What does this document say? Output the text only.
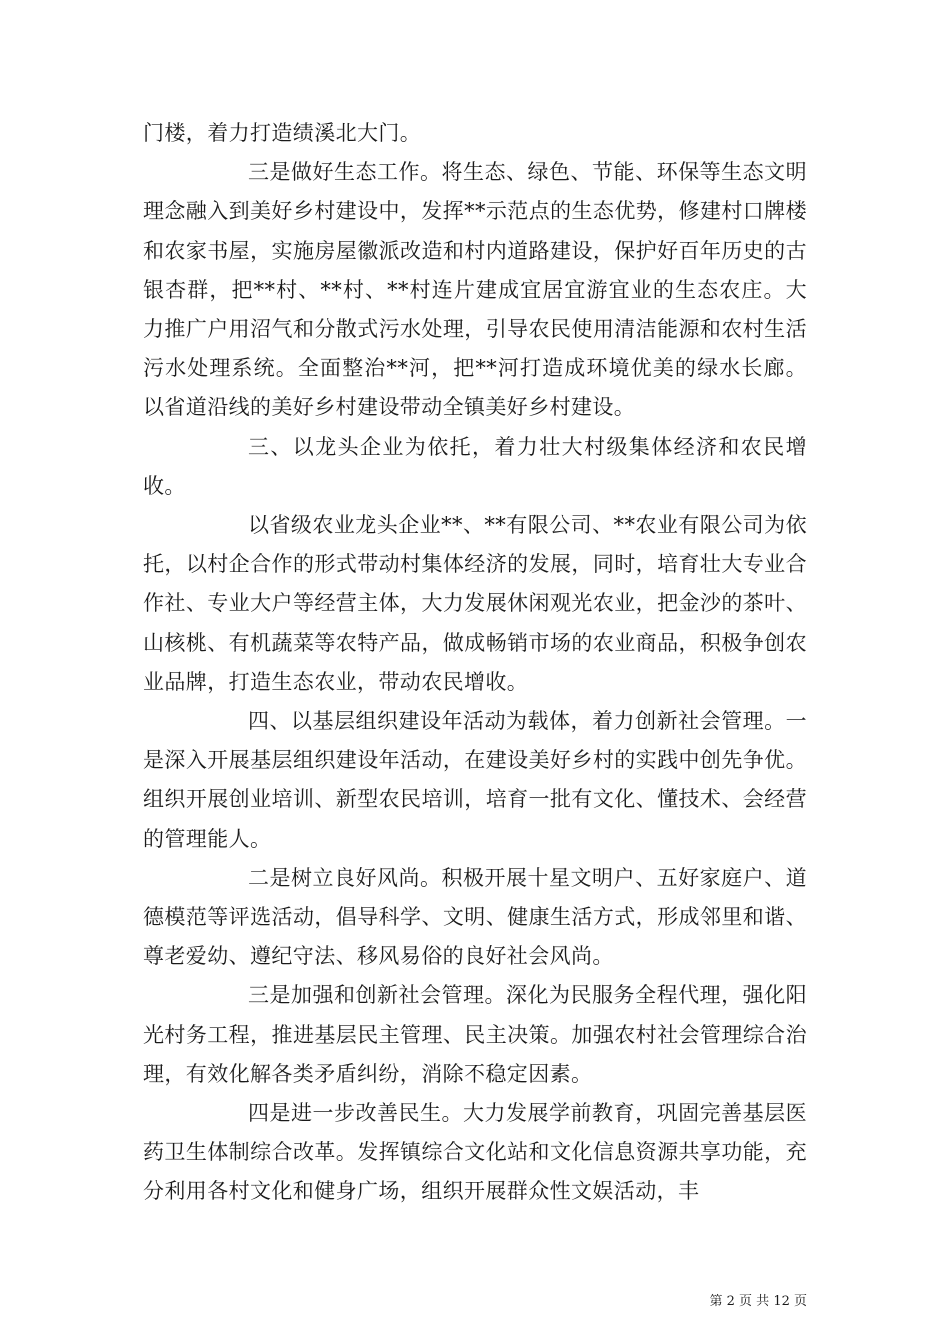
门楼，着力打造绩溪北大门。

三是做好生态工作。将生态、绿色、节能、环保等生态文明理念融入到美好乡村建设中，发挥**示范点的生态优势，修建村口牌楼和农家书屋，实施房屋徽派改造和村内道路建设，保护好百年历史的古银杏群，把**村、**村、**村连片建成宜居宜游宜业的生态农庄。大力推广户用沼气和分散式污水处理，引导农民使用清洁能源和农村生活污水处理系统。全面整治**河，把**河打造成环境优美的绿水长廊。以省道沿线的美好乡村建设带动全镇美好乡村建设。

三、以龙头企业为依托，着力壮大村级集体经济和农民增收。

以省级农业龙头企业**、**有限公司、**农业有限公司为依托，以村企合作的形式带动村集体经济的发展，同时，培育壮大专业合作社、专业大户等经营主体，大力发展休闲观光农业，把金沙的茶叶、山核桃、有机蔬菜等农特产品，做成畅销市场的农业商品，积极争创农业品牌，打造生态农业，带动农民增收。

四、以基层组织建设年活动为载体，着力创新社会管理。一是深入开展基层组织建设年活动，在建设美好乡村的实践中创先争优。组织开展创业培训、新型农民培训，培育一批有文化、懂技术、会经营的管理能人。

二是树立良好风尚。积极开展十星文明户、五好家庭户、道德模范等评选活动，倡导科学、文明、健康生活方式，形成邻里和谐、尊老爱幼、遵纪守法、移风易俗的良好社会风尚。

三是加强和创新社会管理。深化为民服务全程代理，强化阳光村务工程，推进基层民主管理、民主决策。加强农村社会管理综合治理，有效化解各类矛盾纠纷，消除不稳定因素。

四是进一步改善民生。大力发展学前教育，巩固完善基层医药卫生体制综合改革。发挥镇综合文化站和文化信息资源共享功能，充分利用各村文化和健身广场，组织开展群众性文娱活动，丰

第 2 页 共 12 页
